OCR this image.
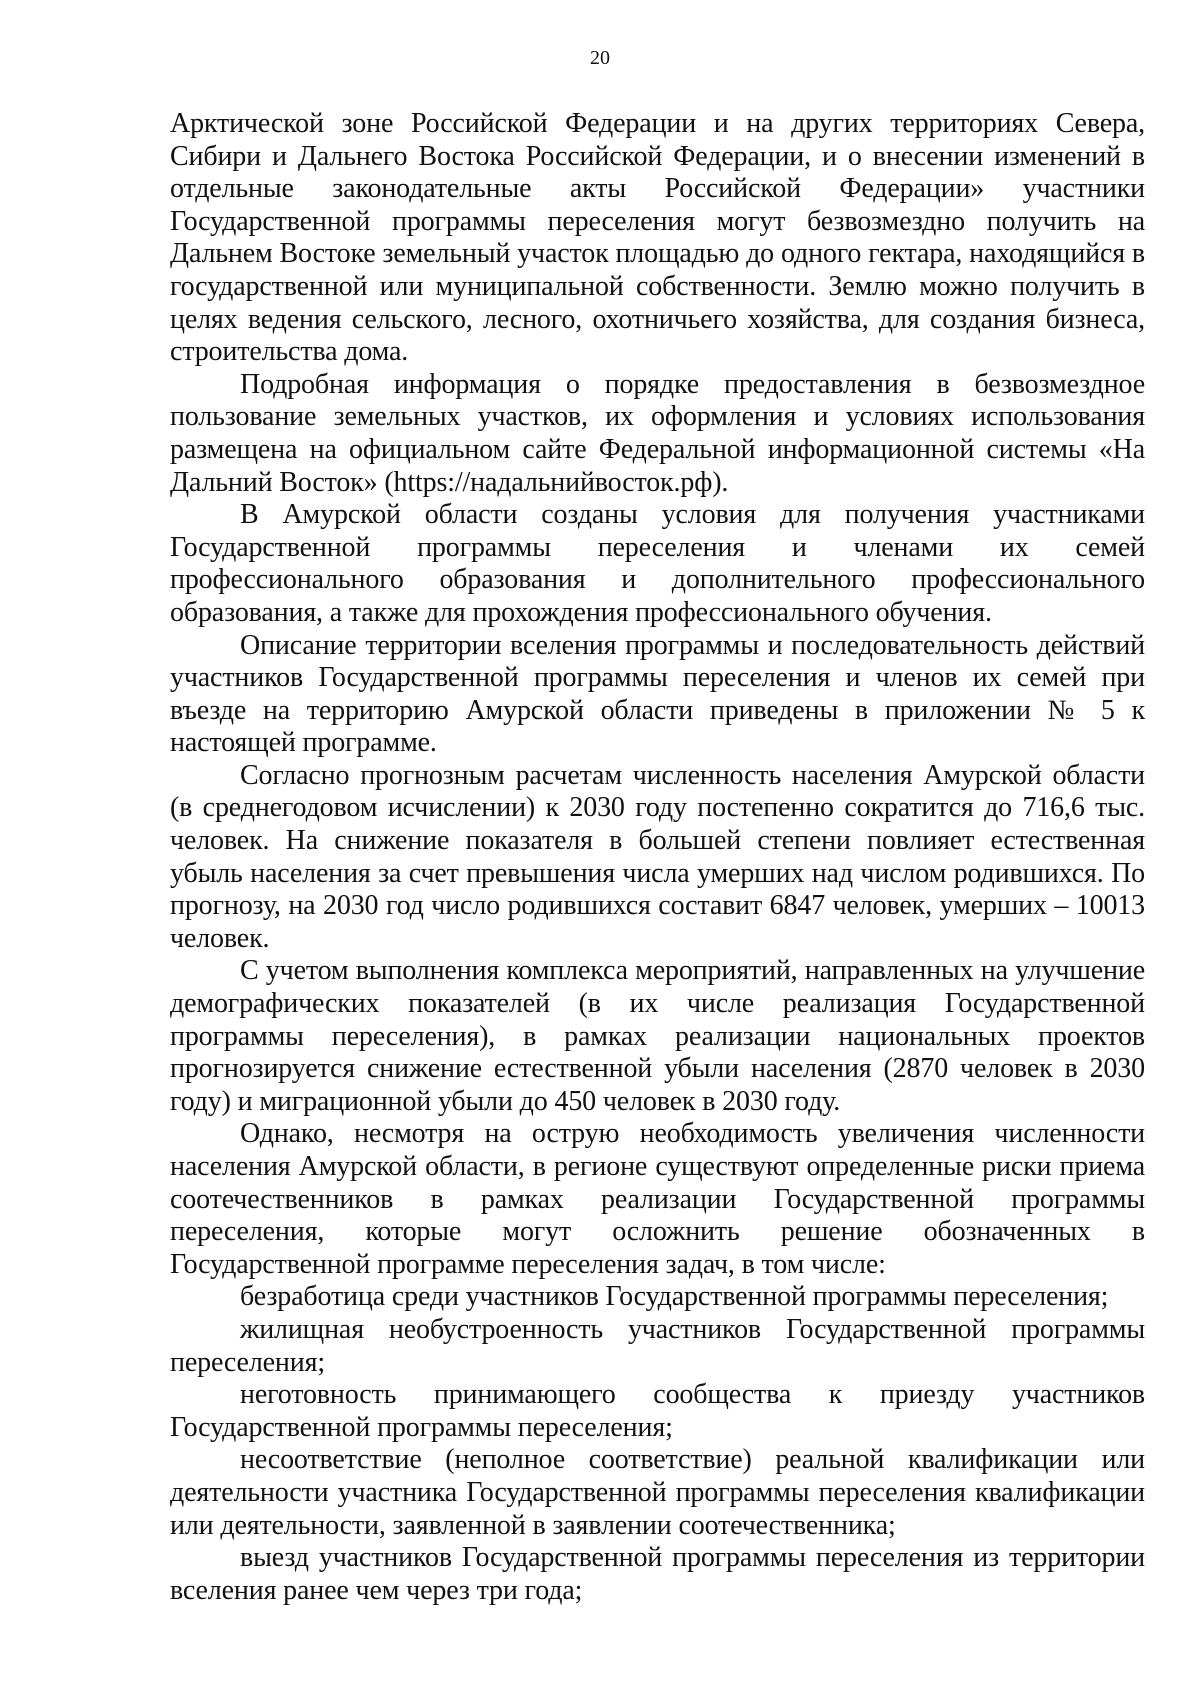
20

Арктической зоне Российской Федерации и на других территориях Севера, Сибири и Дальнего Востока Российской Федерации, и о внесении изменений в отдельные законодательные акты Российской Федерации» участники Государственной программы переселения могут безвозмездно получить на Дальнем Востоке земельный участок площадью до одного гектара, находящийся в государственной или муниципальной собственности. Землю можно получить в целях ведения сельского, лесного, охотничьего хозяйства, для создания бизнеса, строительства дома.

Подробная информация о порядке предоставления в безвозмездное пользование земельных участков, их оформления и условиях использования размещена на официальном сайте Федеральной информационной системы «На Дальний Восток» (https://надальнийвосток.рф).

В Амурской области созданы условия для получения участниками Государственной программы переселения и членами их семей профессионального образования и дополнительного профессионального образования, а также для прохождения профессионального обучения.

Описание территории вселения программы и последовательность действий участников Государственной программы переселения и членов их семей при въезде на территорию Амурской области приведены в приложении № 5 к настоящей программе.

Согласно прогнозным расчетам численность населения Амурской области (в среднегодовом исчислении) к 2030 году постепенно сократится до 716,6 тыс. человек. На снижение показателя в большей степени повлияет естественная убыль населения за счет превышения числа умерших над числом родившихся. По прогнозу, на 2030 год число родившихся составит 6847 человек, умерших – 10013 человек.

С учетом выполнения комплекса мероприятий, направленных на улучшение демографических показателей (в их числе реализация Государственной программы переселения), в рамках реализации национальных проектов прогнозируется снижение естественной убыли населения (2870 человек в 2030 году) и миграционной убыли до 450 человек в 2030 году.

Однако, несмотря на острую необходимость увеличения численности населения Амурской области, в регионе существуют определенные риски приема соотечественников в рамках реализации Государственной программы переселения, которые могут осложнить решение обозначенных в Государственной программе переселения задач, в том числе:

безработица среди участников Государственной программы переселения;

жилищная необустроенность участников Государственной программы переселения;

неготовность принимающего сообщества к приезду участников Государственной программы переселения;

несоответствие (неполное соответствие) реальной квалификации или деятельности участника Государственной программы переселения квалификации или деятельности, заявленной в заявлении соотечественника;

выезд участников Государственной программы переселения из территории вселения ранее чем через три года;
